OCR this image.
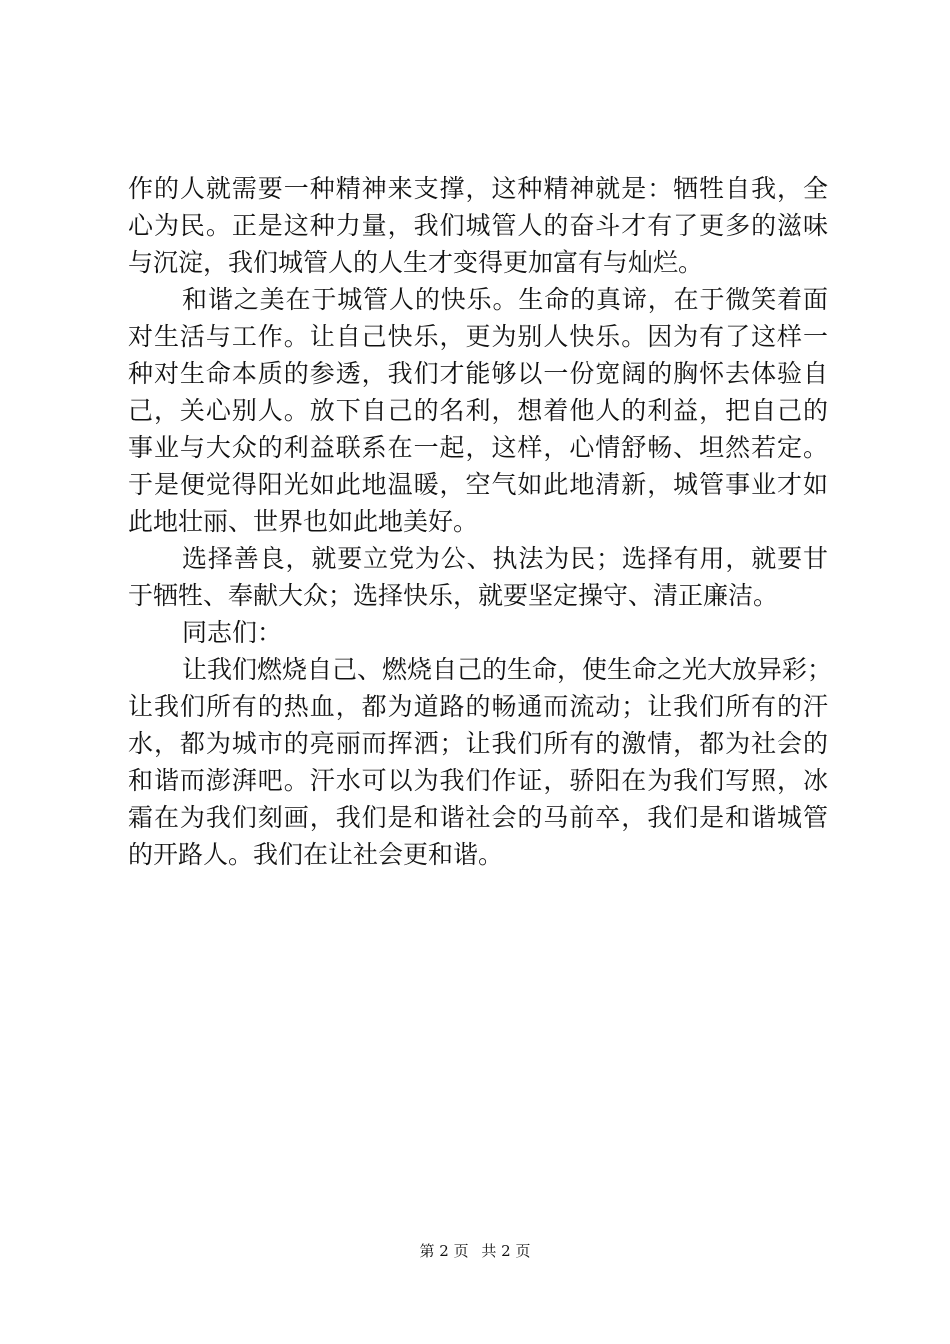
作的人就需要一种精神来支撑，这种精神就是：牺牲自我，全
心为民。正是这种力量，我们城管人的奋斗才有了更多的滋味
与沉淀，我们城管人的人生才变得更加富有与灿烂。
和谐之美在于城管人的快乐。生命的真谛，在于微笑着面
对生活与工作。让自己快乐，更为别人快乐。因为有了这样一
种对生命本质的参透，我们才能够以一份宽阔的胸怀去体验自
己，关心别人。放下自己的名利，想着他人的利益，把自己的
事业与大众的利益联系在一起，这样，心情舒畅、坦然若定。
于是便觉得阳光如此地温暖，空气如此地清新，城管事业才如
此地壮丽、世界也如此地美好。
选择善良，就要立党为公、执法为民；选择有用，就要甘
于牺牲、奉献大众；选择快乐，就要坚定操守、清正廉洁。
同志们：
让我们燃烧自己、燃烧自己的生命，使生命之光大放异彩；
让我们所有的热血，都为道路的畅通而流动；让我们所有的汗
水，都为城市的亮丽而挥洒；让我们所有的激情，都为社会的
和谐而澎湃吧。汗水可以为我们作证，骄阳在为我们写照，冰
霜在为我们刻画，我们是和谐社会的马前卒，我们是和谐城管
的开路人。我们在让社会更和谐。
第 2 页 共 2 页
